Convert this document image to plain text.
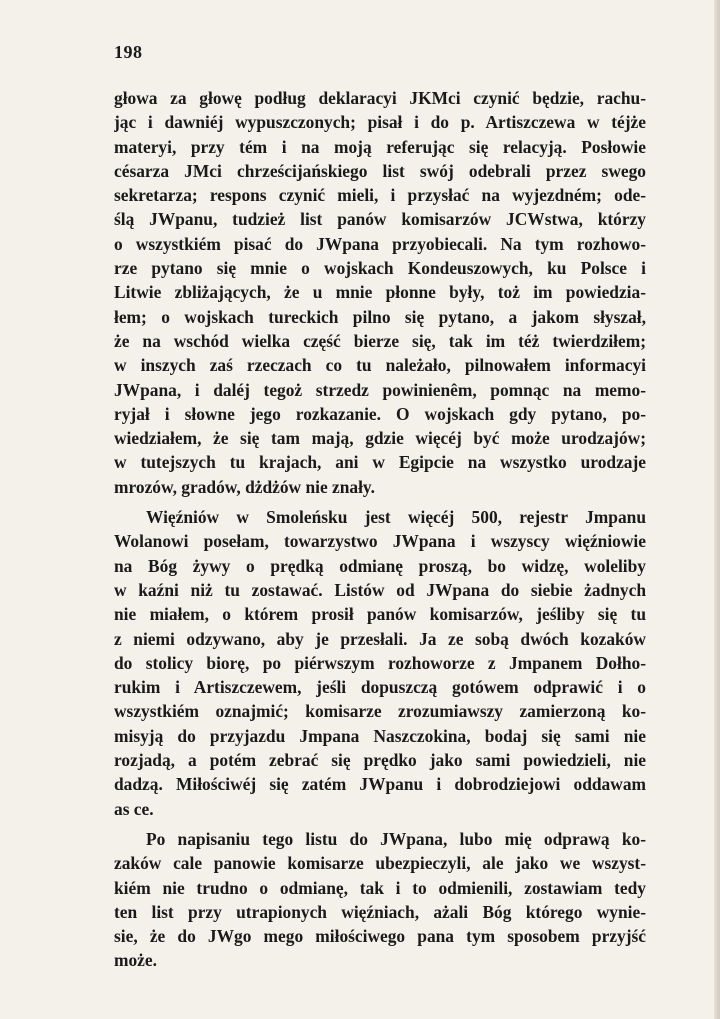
198
głowa za głowę podług deklaracyi JKMci czynić będzie, rachu-
jąc i dawniéj wypuszczonych; pisał i do p. Artiszczewa w téjże
materyi, przy tém i na moją referując się relacyją. Posłowie
césarza JMci chrześcijańskiego list swój odebrali przez swego
sekretarza; respons czynić mieli, i przysłać na wyjezdném; ode-
ślą JWpanu, tudzież list panów komisarzów JCWstwa, którzy
o wszystkiém pisać do JWpana przyobiecali. Na tym rozhowo-
rze pytano się mnie o wojskach Kondeuszowych, ku Polsce i
Litwie zbliżających, że u mnie płonne były, toż im powiedzia-
łem; o wojskach tureckich pilno się pytano, a jakom słyszał,
że na wschód wielka część bierze się, tak im téż twierdziłem;
w inszych zaś rzeczach co tu należało, pilnowałem informacyi
JWpana, i daléj tegoż strzedz powinienêm, pomnąc na memo-
ryjał i słowne jego rozkazanie. O wojskach gdy pytano, po-
wiedziałem, że się tam mają, gdzie więcéj być może urodzajów;
w tutejszych tu krajach, ani w Egipcie na wszystko urodzaje
mrozów, gradów, dżdżów nie znały.
Więźniów w Smoleńsku jest więcéj 500, rejestr Jmpanu
Wolanowi posełam, towarzystwo JWpana i wszyscy więźniowie
na Bóg żywy o prędką odmianę proszą, bo widzę, woleliby
w kaźni niż tu zostawać. Listów od JWpana do siebie żadnych
nie miałem, o którem prosił panów komisarzów, jeśliby się tu
z niemi odzywano, aby je przesłali. Ja ze sobą dwóch kozaków
do stolicy biorę, po piérwszym rozhoworze z Jmpanem Dołho-
rukim i Artiszczewem, jeśli dopuszczą gotówem odprawić i o
wszystkiém oznajmić; komisarze zrozumiawszy zamierzoną ko-
misyją do przyjazdu Jmpana Naszczokina, bodaj się sami nie
rozjadą, a potém zebrać się prędko jako sami powiedzieli, nie
dadzą. Miłościwéj się zatém JWpanu i dobrodziejowi oddawam
as ce.
Po napisaniu tego listu do JWpana, lubo mię odprawą ko-
zaków cale panowie komisarze ubezpieczyli, ale jako we wszyst-
kiém nie trudno o odmianę, tak i to odmienili, zostawiam tedy
ten list przy utrapionych więźniach, ażali Bóg którego wynie-
sie, że do JWgo mego miłościwego pana tym sposobem przyjść
może.
